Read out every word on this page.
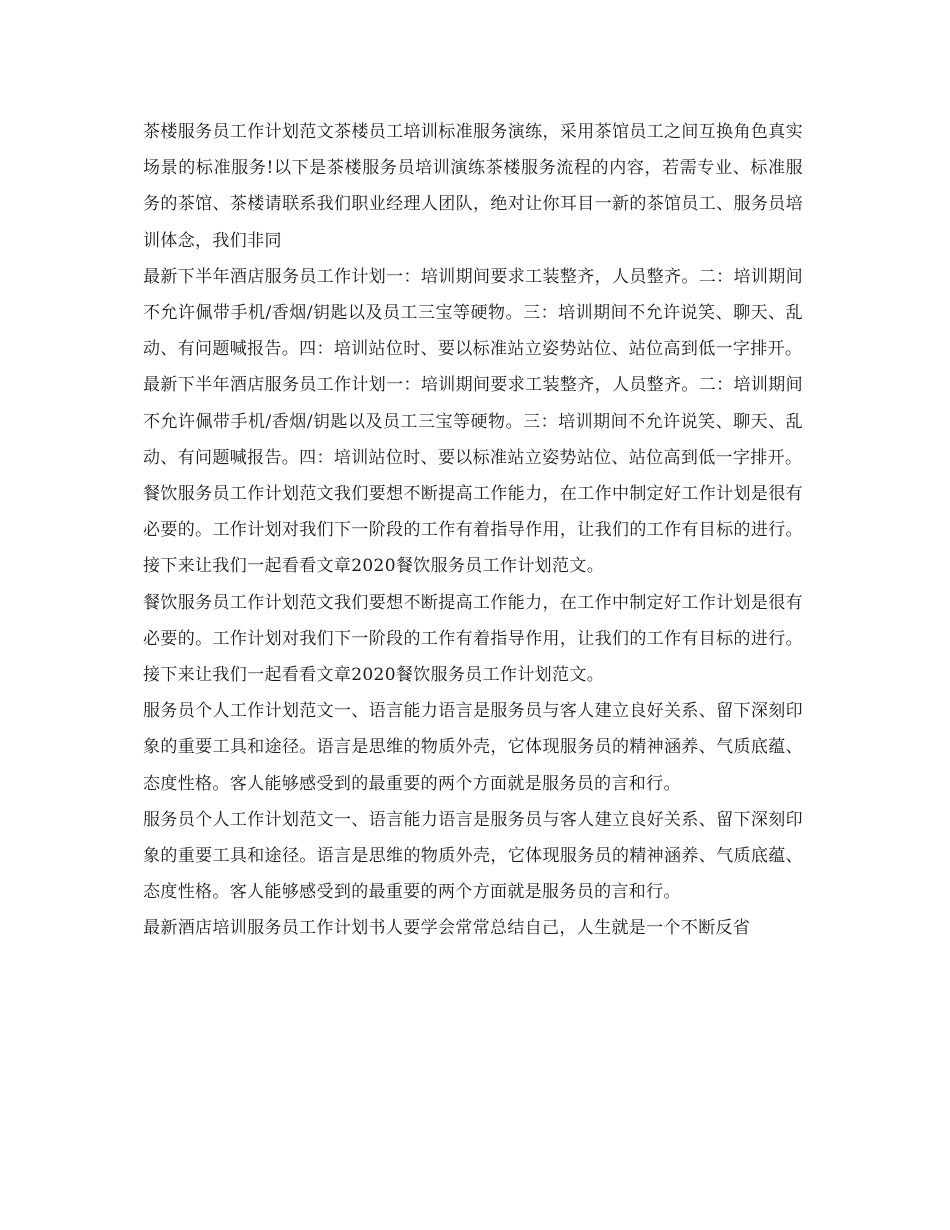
茶楼服务员工作计划范文茶楼员工培训标准服务演练，采用茶馆员工之间互换角色真实场景的标准服务!以下是茶楼服务员培训演练茶楼服务流程的内容，若需专业、标准服务的茶馆、茶楼请联系我们职业经理人团队，绝对让你耳目一新的茶馆员工、服务员培训体念，我们非同

最新下半年酒店服务员工作计划一：培训期间要求工装整齐，人员整齐。二：培训期间不允许佩带手机/香烟/钥匙以及员工三宝等硬物。三：培训期间不允许说笑、聊天、乱动、有问题喊报告。四：培训站位时、要以标准站立姿势站位、站位高到低一字排开。

最新下半年酒店服务员工作计划一：培训期间要求工装整齐，人员整齐。二：培训期间不允许佩带手机/香烟/钥匙以及员工三宝等硬物。三：培训期间不允许说笑、聊天、乱动、有问题喊报告。四：培训站位时、要以标准站立姿势站位、站位高到低一字排开。

餐饮服务员工作计划范文我们要想不断提高工作能力，在工作中制定好工作计划是很有必要的。工作计划对我们下一阶段的工作有着指导作用，让我们的工作有目标的进行。接下来让我们一起看看文章2020餐饮服务员工作计划范文。

餐饮服务员工作计划范文我们要想不断提高工作能力，在工作中制定好工作计划是很有必要的。工作计划对我们下一阶段的工作有着指导作用，让我们的工作有目标的进行。接下来让我们一起看看文章2020餐饮服务员工作计划范文。

服务员个人工作计划范文一、语言能力语言是服务员与客人建立良好关系、留下深刻印象的重要工具和途径。语言是思维的物质外壳，它体现服务员的精神涵养、气质底蕴、态度性格。客人能够感受到的最重要的两个方面就是服务员的言和行。

服务员个人工作计划范文一、语言能力语言是服务员与客人建立良好关系、留下深刻印象的重要工具和途径。语言是思维的物质外壳，它体现服务员的精神涵养、气质底蕴、态度性格。客人能够感受到的最重要的两个方面就是服务员的言和行。

最新酒店培训服务员工作计划书人要学会常常总结自己，人生就是一个不断反省
